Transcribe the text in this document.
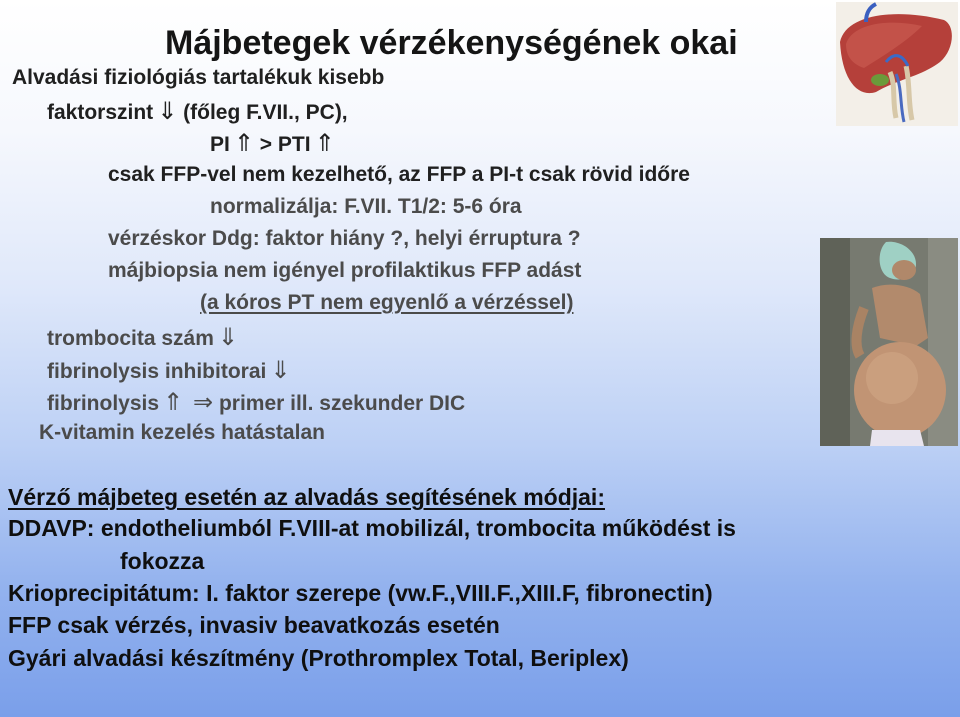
Májbetegek vérzékenységének okai
Alvadási fiziológiás tartalékuk kisebb
faktorszint ⇓ (főleg F.VII., PC),
PI ⇑ > PTI ⇑
csak FFP-vel nem kezelhető, az FFP a PI-t csak rövid időre
normalizálja: F.VII. T1/2: 5-6 óra
vérzéskor Ddg: faktor hiány ?, helyi érruptura ?
májbiopsia nem igényel profilaktikus FFP adást
(a kóros PT nem egyenlő a vérzéssel)
trombocita szám ⇓
fibrinolysis inhibitorai ⇓
fibrinolysis ⇑ ⇒ primer ill. szekunder DIC
K-vitamin kezelés hatástalan
Vérző májbeteg esetén az alvadás segítésének módjai:
DDAVP: endotheliumból F.VIII-at mobilizál, trombocita működést is
fokozza
Krioprecipitátum: I. faktor szerepe (vw.F.,VIII.F.,XIII.F, fibronectin)
FFP csak vérzés, invasiv beavatkozás esetén
Gyári alvadási készítmény (Prothromplex Total, Beriplex)
